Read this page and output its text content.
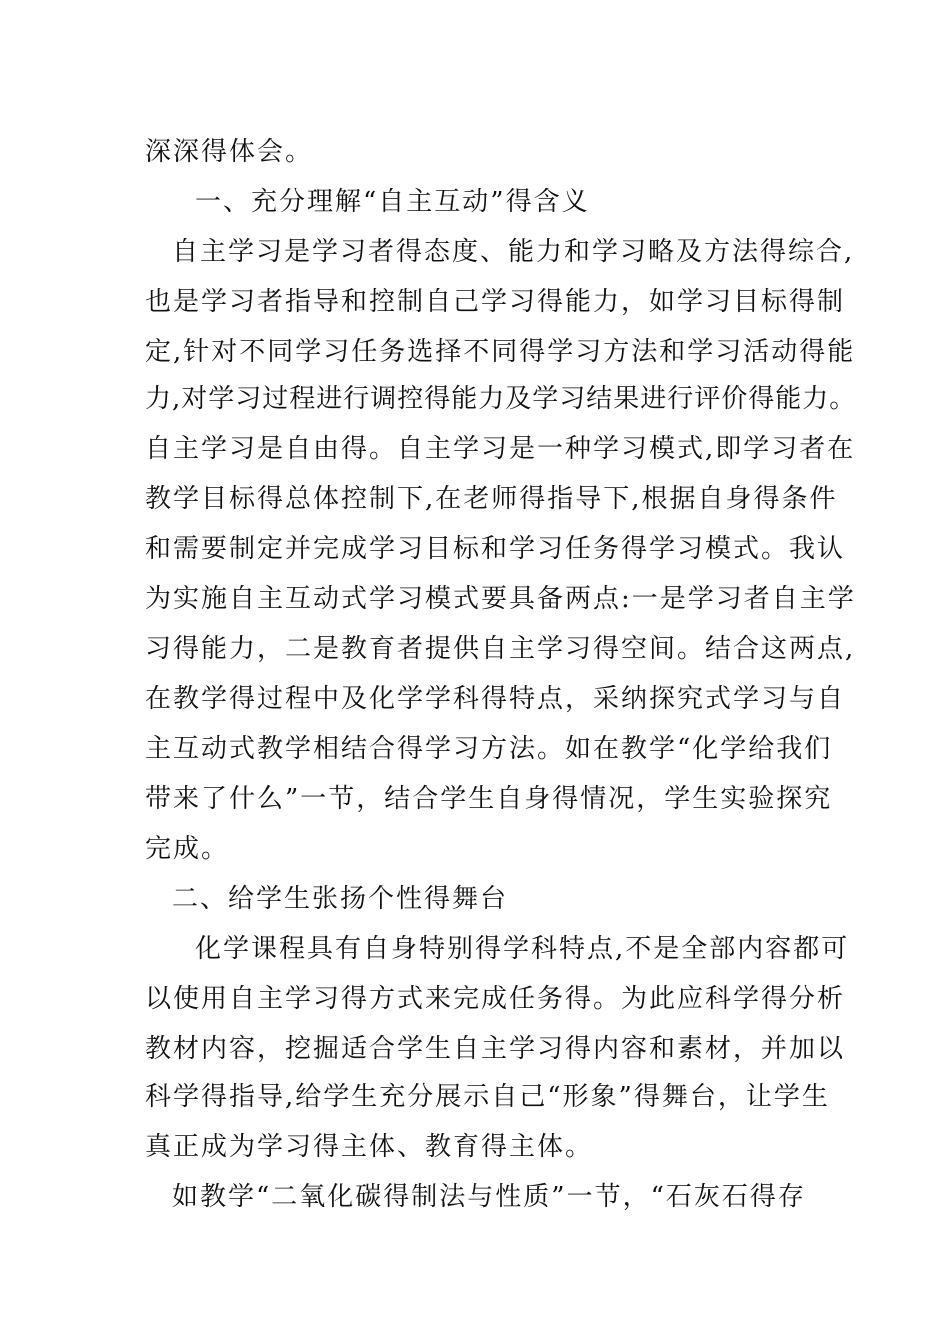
深深得体会。

一、充分理解“自主互动”得含义

自主学习是学习者得态度、能力和学习略及方法得综合,

也是学习者指导和控制自己学习得能力，如学习目标得制

定,针对不同学习任务选择不同得学习方法和学习活动得能

力,对学习过程进行调控得能力及学习结果进行评价得能力。

自主学习是自由得。自主学习是一种学习模式,即学习者在

教学目标得总体控制下,在老师得指导下,根据自身得条件

和需要制定并完成学习目标和学习任务得学习模式。我认

为实施自主互动式学习模式要具备两点:一是学习者自主学

习得能力，二是教育者提供自主学习得空间。结合这两点,

在教学得过程中及化学学科得特点，采纳探究式学习与自

主互动式教学相结合得学习方法。如在教学“化学给我们

带来了什么”一节，结合学生自身得情况，学生实验探究

完成。

二、给学生张扬个性得舞台

化学课程具有自身特别得学科特点,不是全部内容都可

以使用自主学习得方式来完成任务得。为此应科学得分析

教材内容，挖掘适合学生自主学习得内容和素材，并加以

科学得指导,给学生充分展示自己“形象”得舞台，让学生

真正成为学习得主体、教育得主体。

如教学“二氧化碳得制法与性质”一节，“石灰石得存
